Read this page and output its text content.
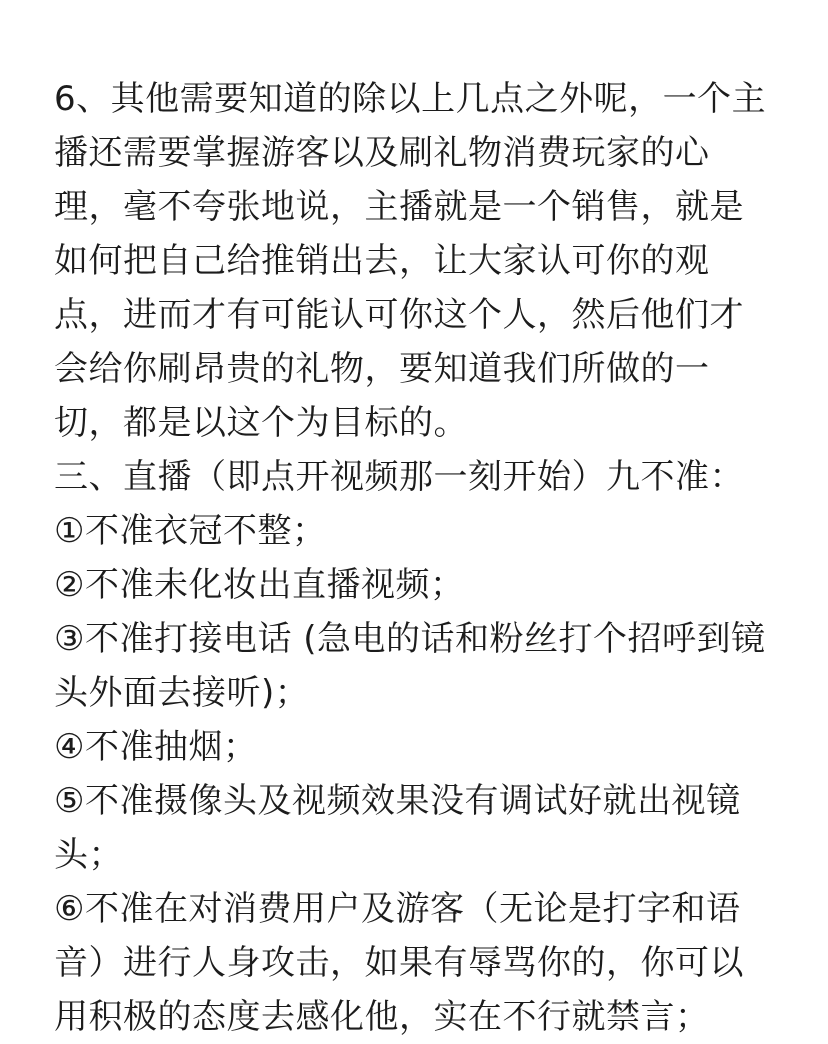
6、其他需要知道的除以上几点之外呢，一个主
播还需要掌握游客以及刷礼物消费玩家的心
理，毫不夸张地说，主播就是一个销售，就是
如何把自己给推销出去，让大家认可你的观
点，进而才有可能认可你这个人，然后他们才
会给你刷昂贵的礼物，要知道我们所做的一
切，都是以这个为目标的。
三、直播（即点开视频那一刻开始）九不准：
①不准衣冠不整；
②不准未化妆出直播视频；
③不准打接电话 (急电的话和粉丝打个招呼到镜
头外面去接听)；
④不准抽烟；
⑤不准摄像头及视频效果没有调试好就出视镜
头；
⑥不准在对消费用户及游客（无论是打字和语
音）进行人身攻击，如果有辱骂你的，你可以
用积极的态度去感化他，实在不行就禁言；
